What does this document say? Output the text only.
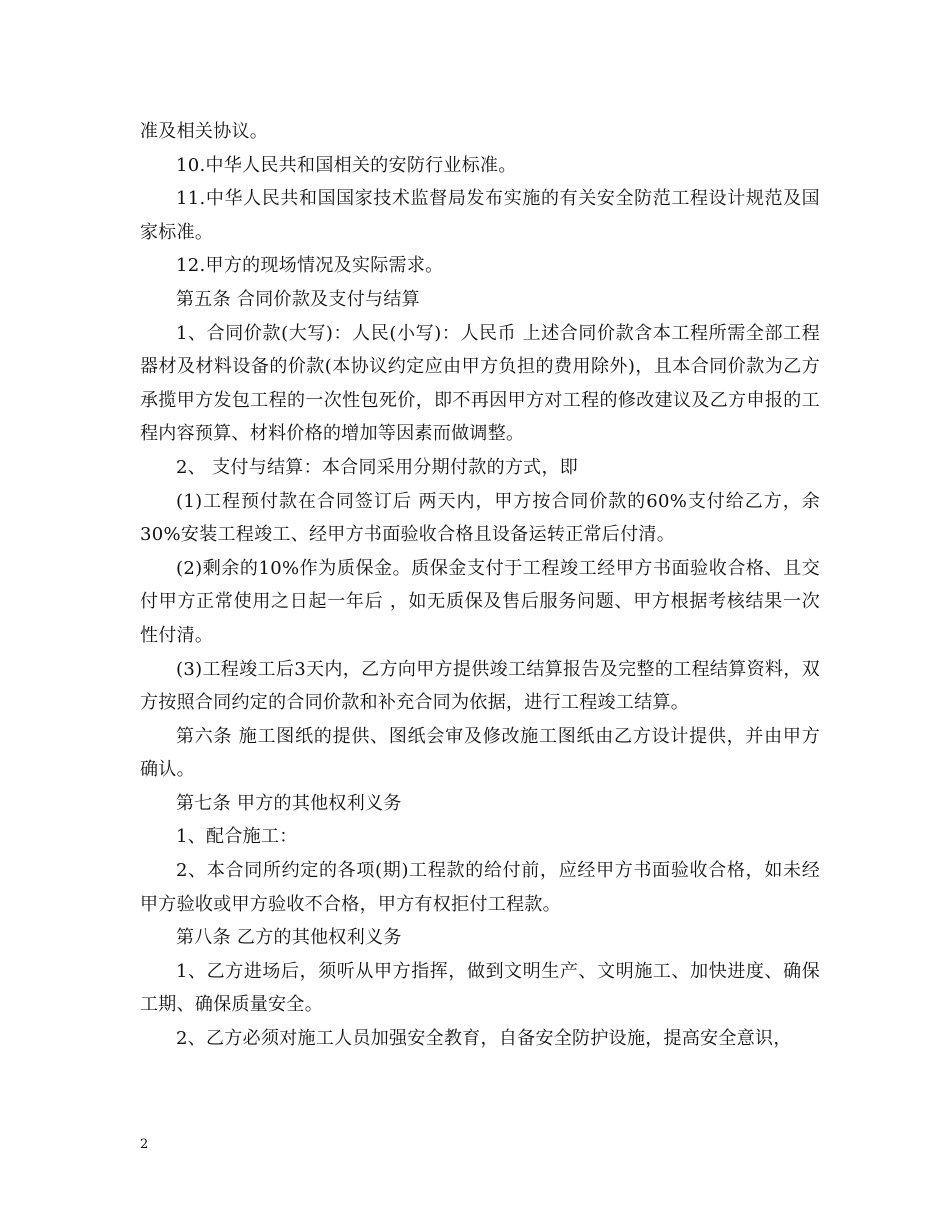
准及相关协议。

10.中华人民共和国相关的安防行业标准。

11.中华人民共和国国家技术监督局发布实施的有关安全防范工程设计规范及国家标准。

12.甲方的现场情况及实际需求。

第五条 合同价款及支付与结算

1、合同价款(大写)：人民(小写)：人民币 上述合同价款含本工程所需全部工程器材及材料设备的价款(本协议约定应由甲方负担的费用除外)，且本合同价款为乙方承揽甲方发包工程的一次性包死价，即不再因甲方对工程的修改建议及乙方申报的工程内容预算、材料价格的增加等因素而做调整。

2、 支付与结算：本合同采用分期付款的方式，即

(1)工程预付款在合同签订后 两天内，甲方按合同价款的60%支付给乙方，余30%安装工程竣工、经甲方书面验收合格且设备运转正常后付清。

(2)剩余的10%作为质保金。质保金支付于工程竣工经甲方书面验收合格、且交付甲方正常使用之日起一年后 ，如无质保及售后服务问题、甲方根据考核结果一次性付清。

(3)工程竣工后3天内，乙方向甲方提供竣工结算报告及完整的工程结算资料，双方按照合同约定的合同价款和补充合同为依据，进行工程竣工结算。

第六条 施工图纸的提供、图纸会审及修改施工图纸由乙方设计提供，并由甲方确认。

第七条 甲方的其他权利义务

1、配合施工：

2、本合同所约定的各项(期)工程款的给付前，应经甲方书面验收合格，如未经甲方验收或甲方验收不合格，甲方有权拒付工程款。

第八条 乙方的其他权利义务

1、乙方进场后，须听从甲方指挥，做到文明生产、文明施工、加快进度、确保工期、确保质量安全。

2、乙方必须对施工人员加强安全教育，自备安全防护设施，提高安全意识，

2
